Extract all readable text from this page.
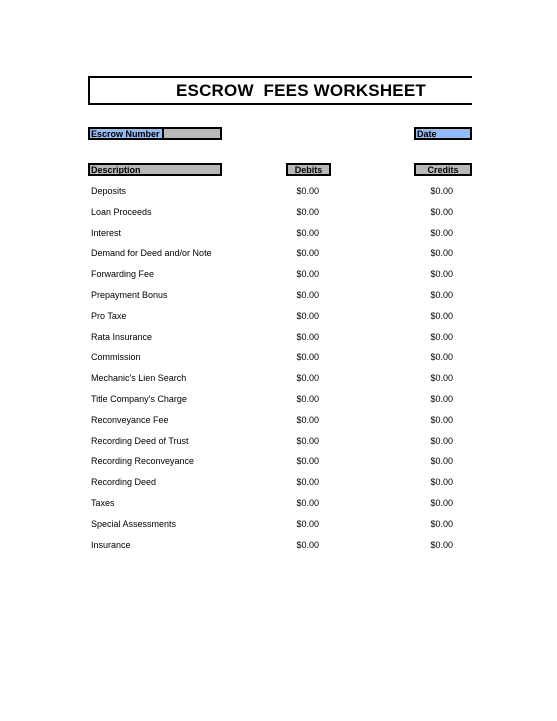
ESCROW  FEES WORKSHEET
Escrow Number	Date
Description	Debits	Credits
Deposits	$0.00	$0.00
Loan Proceeds	$0.00	$0.00
Interest	$0.00	$0.00
Demand for Deed and/or Note	$0.00	$0.00
Forwarding Fee	$0.00	$0.00
Prepayment Bonus	$0.00	$0.00
Pro Taxe	$0.00	$0.00
Rata Insurance	$0.00	$0.00
Commission	$0.00	$0.00
Mechanic's Lien Search	$0.00	$0.00
Title Company's Charge	$0.00	$0.00
Reconveyance Fee	$0.00	$0.00
Recording Deed of Trust	$0.00	$0.00
Recording Reconveyance	$0.00	$0.00
Recording Deed	$0.00	$0.00
Taxes	$0.00	$0.00
Special Assessments	$0.00	$0.00
Insurance	$0.00	$0.00
